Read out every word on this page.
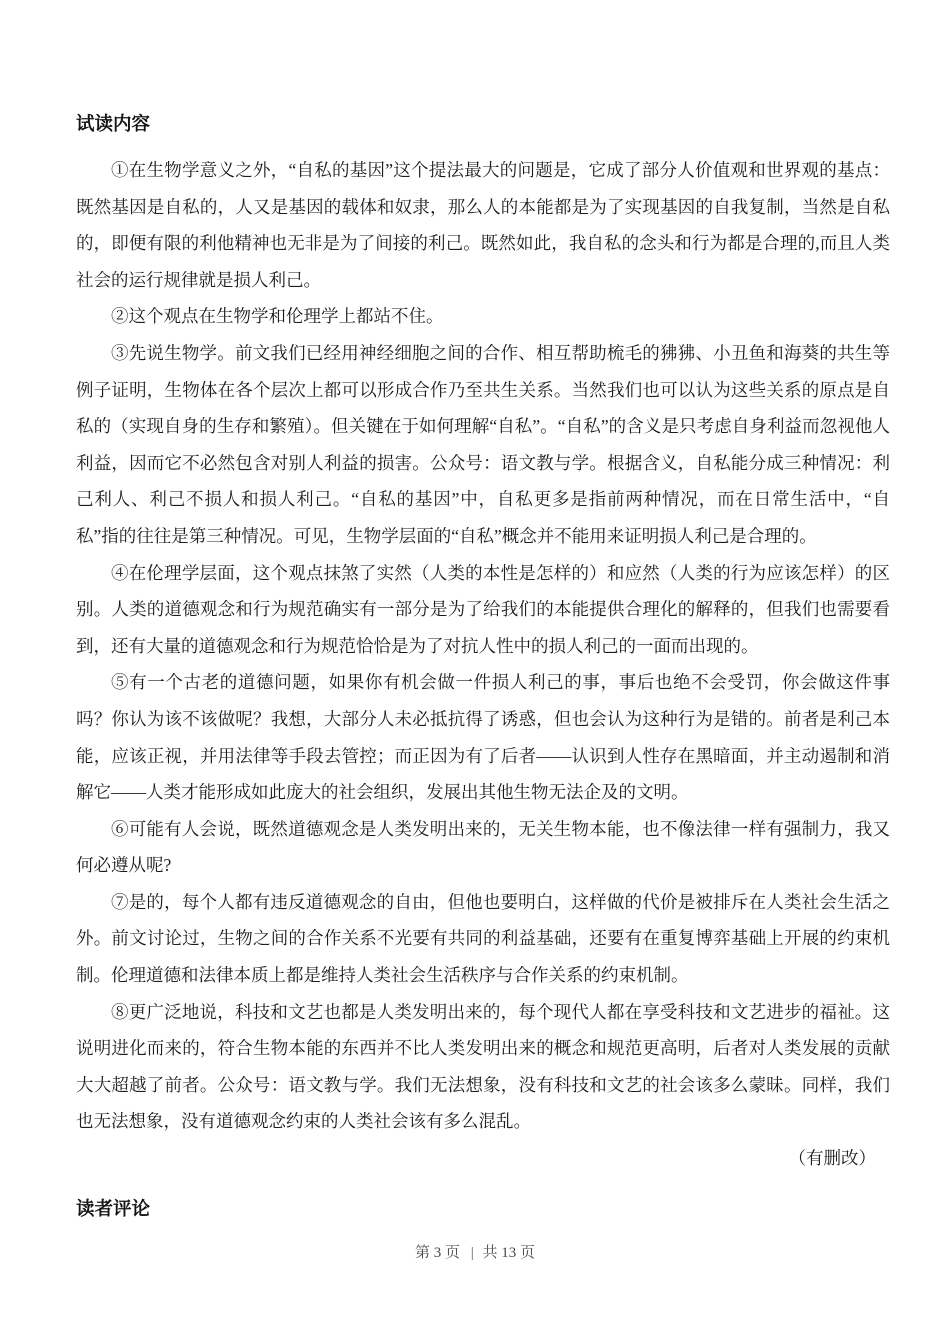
试读内容

①在生物学意义之外，“自私的基因”这个提法最大的问题是，它成了部分人价值观和世界观的基点：既然基因是自私的，人又是基因的载体和奴隶，那么人的本能都是为了实现基因的自我复制，当然是自私的，即便有限的利他精神也无非是为了间接的利己。既然如此，我自私的念头和行为都是合理的,而且人类社会的运行规律就是损人利己。

②这个观点在生物学和伦理学上都站不住。

③先说生物学。前文我们已经用神经细胞之间的合作、相互帮助梳毛的狒狒、小丑鱼和海葵的共生等例子证明，生物体在各个层次上都可以形成合作乃至共生关系。当然我们也可以认为这些关系的原点是自私的（实现自身的生存和繁殖）。但关键在于如何理解“自私”。“自私”的含义是只考虑自身利益而忽视他人利益，因而它不必然包含对别人利益的损害。公众号：语文教与学。根据含义，自私能分成三种情况：利己利人、利己不损人和损人利己。“自私的基因”中，自私更多是指前两种情况，而在日常生活中，“自私”指的往往是第三种情况。可见，生物学层面的“自私”概念并不能用来证明损人利己是合理的。

④在伦理学层面，这个观点抹煞了实然（人类的本性是怎样的）和应然（人类的行为应该怎样）的区别。人类的道德观念和行为规范确实有一部分是为了给我们的本能提供合理化的解释的，但我们也需要看到，还有大量的道德观念和行为规范恰恰是为了对抗人性中的损人利己的一面而出现的。

⑤有一个古老的道德问题，如果你有机会做一件损人利己的事，事后也绝不会受罚，你会做这件事吗？你认为该不该做呢？我想，大部分人未必抵抗得了诱惑，但也会认为这种行为是错的。前者是利己本能，应该正视，并用法律等手段去管控；而正因为有了后者——认识到人性存在黑暗面，并主动遏制和消解它——人类才能形成如此庞大的社会组织，发展出其他生物无法企及的文明。

⑥可能有人会说，既然道德观念是人类发明出来的，无关生物本能，也不像法律一样有强制力，我又何必遵从呢?

⑦是的，每个人都有违反道德观念的自由，但他也要明白，这样做的代价是被排斥在人类社会生活之外。前文讨论过，生物之间的合作关系不光要有共同的利益基础，还要有在重复博弈基础上开展的约束机制。伦理道德和法律本质上都是维持人类社会生活秩序与合作关系的约束机制。

⑧更广泛地说，科技和文艺也都是人类发明出来的，每个现代人都在享受科技和文艺进步的福祉。这说明进化而来的，符合生物本能的东西并不比人类发明出来的概念和规范更高明，后者对人类发展的贡献大大超越了前者。公众号：语文教与学。我们无法想象，没有科技和文艺的社会该多么蒙昧。同样，我们也无法想象，没有道德观念约束的人类社会该有多么混乱。

（有删改）
读者评论
第 3 页 | 共 13 页
